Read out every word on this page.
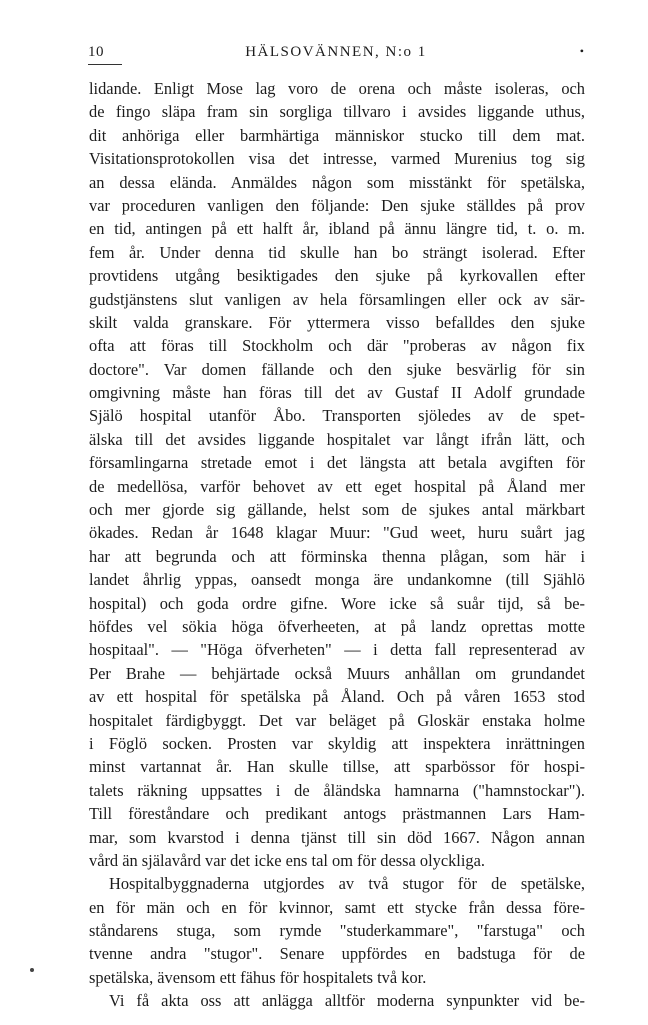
10	HÄLSOVÄNNEN, N:o 1	•
lidande. Enligt Mose lag voro de orena och måste isoleras, och
de fingo släpa fram sin sorgliga tillvaro i avsides liggande uthus,
dit anhöriga eller barmhärtiga människor stucko till dem mat.
Visitationsprotokollen visa det intresse, varmed Murenius tog sig
an dessa elända. Anmäldes någon som misstänkt för spetälska,
var proceduren vanligen den följande: Den sjuke ställdes på prov
en tid, antingen på ett halft år, ibland på ännu längre tid, t. o. m.
fem år. Under denna tid skulle han bo strängt isolerad. Efter
provtidens utgång besiktigades den sjuke på kyrkovallen efter
gudstjänstens slut vanligen av hela församlingen eller ock av sär-
skilt valda granskare. För yttermera visso befalldes den sjuke
ofta att föras till Stockholm och där "proberas av någon fix
doctore". Var domen fällande och den sjuke besvärlig för sin
omgivning måste han föras till det av Gustaf II Adolf grundade
Själö hospital utanför Åbo. Transporten sjöledes av de spet-
älska till det avsides liggande hospitalet var långt ifrån lätt, och
församlingarna stretade emot i det längsta att betala avgiften för
de medellösa, varför behovet av ett eget hospital på Åland mer
och mer gjorde sig gällande, helst som de sjukes antal märkbart
ökades. Redan år 1648 klagar Muur: "Gud weet, huru suårt jag
har att begrunda och att förminska thenna plågan, som här i
landet åhrlig yppas, oansedt monga äre undankomne (till Sjählö
hospital) och goda ordre gifne. Wore icke så suår tijd, så be-
höfdes vel sökia höga öfverheeten, at på landz oprettas motte
hospitaal". — "Höga öfverheten" — i detta fall representerad av
Per Brahe — behjärtade också Muurs anhållan om grundandet
av ett hospital för spetälska på Åland. Och på våren 1653 stod
hospitalet färdigbyggt. Det var beläget på Gloskär enstaka holme
i Föglö socken. Prosten var skyldig att inspektera inrättningen
minst vartannat år. Han skulle tillse, att sparbössor för hospi-
talets räkning uppsattes i de åländska hamnarna ("hamnstockar").
Till föreståndare och predikant antogs prästmannen Lars Ham-
mar, som kvarstod i denna tjänst till sin död 1667. Någon annan
vård än själavård var det icke ens tal om för dessa olyckliga.
Hospitalbyggnaderna utgjordes av två stugor för de spetälske,
en för män och en för kvinnor, samt ett stycke från dessa före-
ståndarens stuga, som rymde "studerkammare", "farstuga" och
tvenne andra "stugor". Senare uppfördes en badstuga för de
spetälska, ävensom ett fähus för hospitalets två kor.
Vi få akta oss att anlägga alltför moderna synpunkter vid be-
